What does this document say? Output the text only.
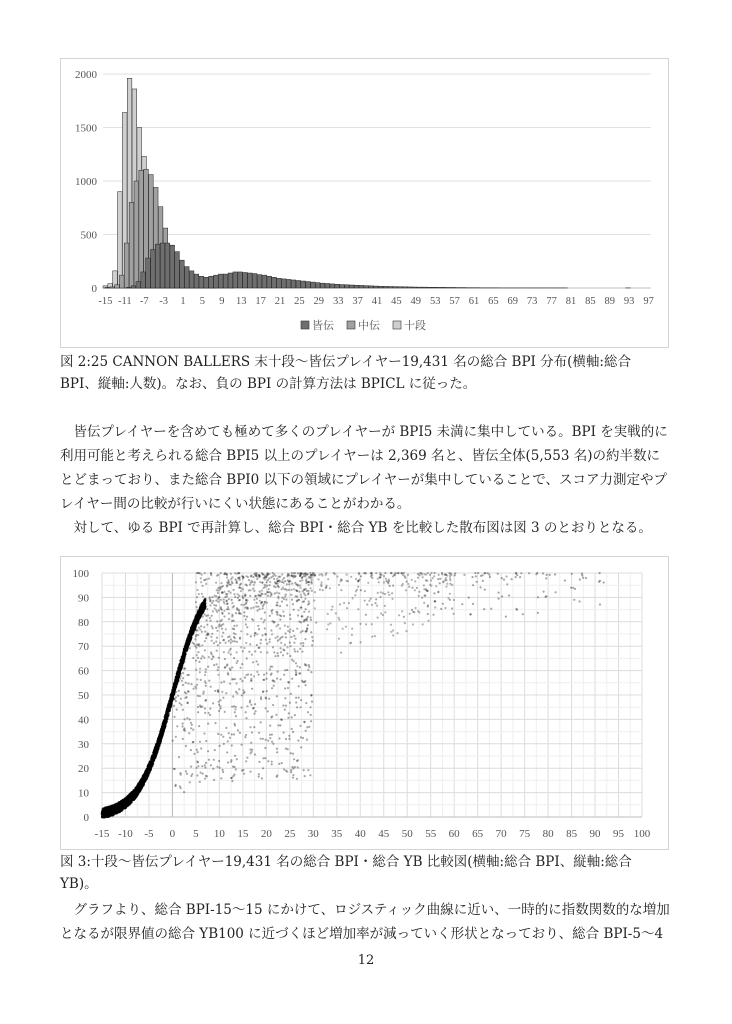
0
500
1000
1500
2000
-15 -11 -7 -3 1 5 9 13 17 21 25 29 33 37 41 45 49 53 57 61 65 69 73 77 81 85 89 93 97
皆伝 中伝 十段
図 2:25 CANNON BALLERS 末十段〜皆伝プレイヤー19,431 名の総合 BPI 分布(横軸:総合 BPI、縦軸:人数)。なお、負の BPI の計算方法は BPICL に従った。

皆伝プレイヤーを含めても極めて多くのプレイヤーが BPI5 未満に集中している。BPI を実戦的に利用可能と考えられる総合 BPI5 以上のプレイヤーは 2,369 名と、皆伝全体(5,553 名)の約半数にとどまっており、また総合 BPI0 以下の領域にプレイヤーが集中していることで、スコア力測定やプレイヤー間の比較が行いにくい状態にあることがわかる。

対して、ゆる BPI で再計算し、総合 BPI・総合 YB を比較した散布図は図 3 のとおりとなる。

0
10
20
30
40
50
60
70
80
90
100
-15 -10 -5 0 5 10 15 20 25 30 35 40 45 50 55 60 65 70 75 80 85 90 95 100
図 3:十段〜皆伝プレイヤー19,431 名の総合 BPI・総合 YB 比較図(横軸:総合 BPI、縦軸:総合 YB)。

グラフより、総合 BPI-15〜15 にかけて、ロジスティック曲線に近い、一時的に指数関数的な増加となるが限界値の総合 YB100 に近づくほど増加率が減っていく形状となっており、総合 BPI-5〜4

12
